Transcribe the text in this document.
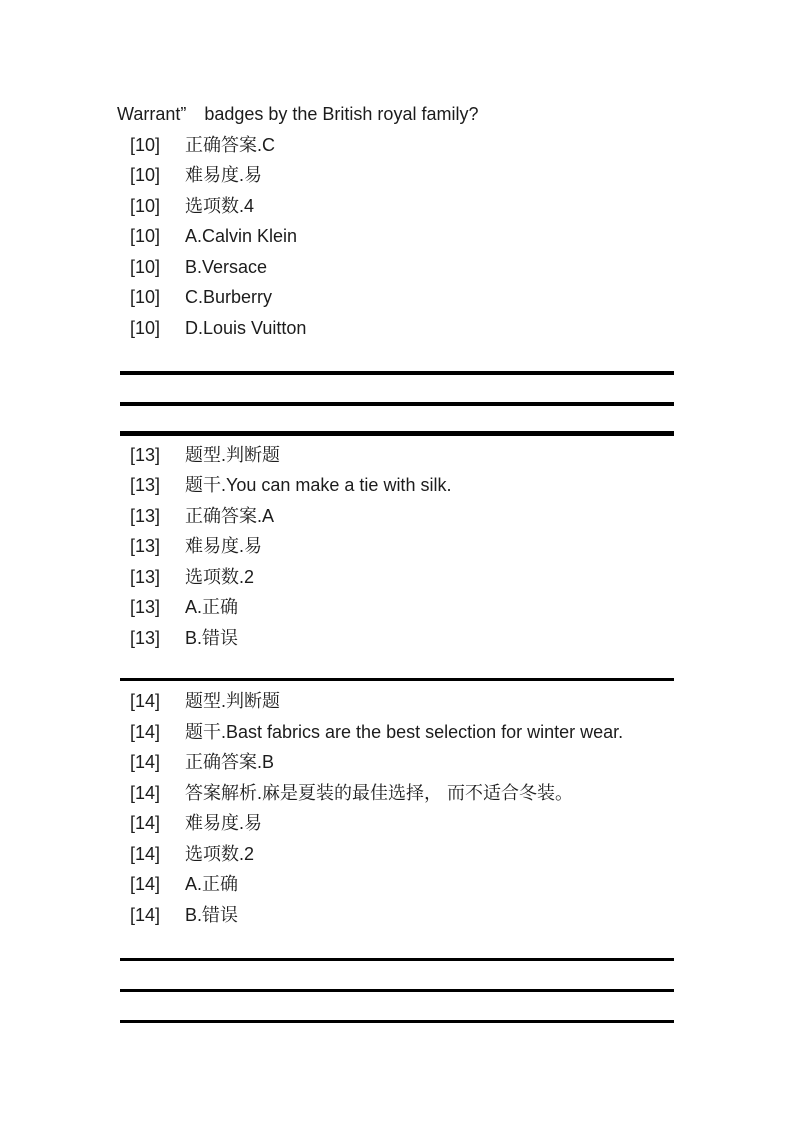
Warrant”　badges by the British royal family?

[10]	正确答案.C
[10]	难易度.易
[10]	选项数.4
[10]	A.Calvin Klein
[10]	B.Versace
[10]	C.Burberry
[10]	D.Louis Vuitton
[13]	题型.判断题
[13]	题干.You can make a tie with silk.
[13]	正确答案.A
[13]	难易度.易
[13]	选项数.2
[13]	A.正确
[13]	B.错误
[14]	题型.判断题
[14]	题干.Bast fabrics are the best selection for winter wear.
[14]	正确答案.B
[14]	答案解析.麻是夏装的最佳选择， 而不适合冬装。
[14]	难易度.易
[14]	选项数.2
[14]	A.正确
[14]	B.错误
